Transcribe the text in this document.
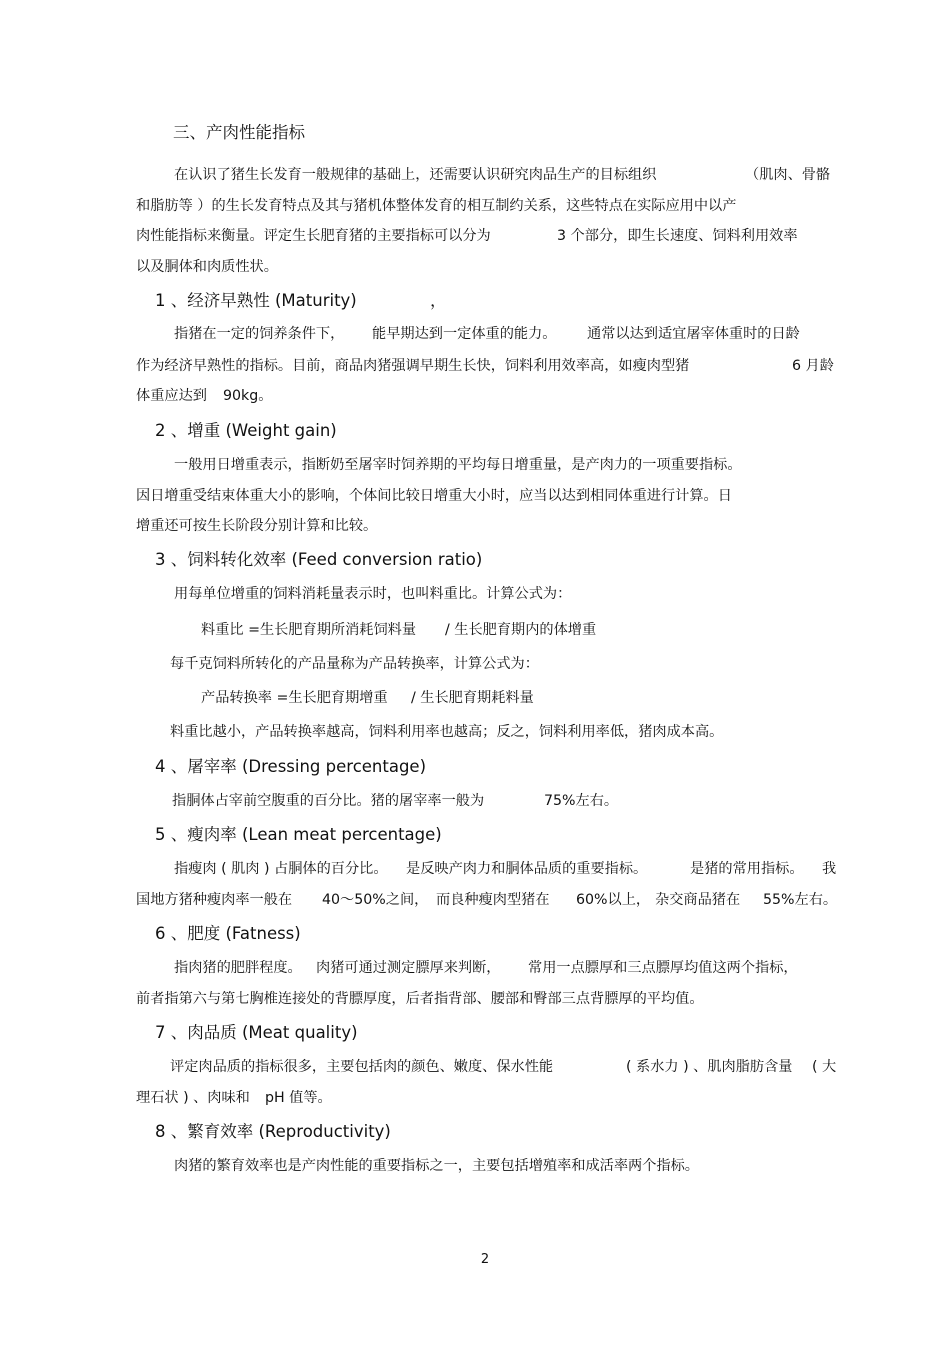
三、产肉性能指标
在认识了猪生长发育一般规律的基础上，还需要认识研究肉品生产的目标组织	（肌肉、骨骼
和脂肪等 ）的生长发育特点及其与猪机体整体发育的相互制约关系，这些特点在实际应用中以产
肉性能指标来衡量。评定生长肥育猪的主要指标可以分为	3 个部分，即生长速度、饲料利用效率
以及胴体和肉质性状。
1 、经济早熟性 (Maturity)	，
指猪在一定的饲养条件下， 能早期达到一定体重的能力。 通常以达到适宜屠宰体重时的日龄
作为经济早熟性的指标。目前，商品肉猪强调早期生长快，饲料利用效率高，如瘦肉型猪	6 月龄
体重应达到 90kg。
2 、增重 (Weight gain)
一般用日增重表示，指断奶至屠宰时饲养期的平均每日增重量，是产肉力的一项重要指标。
因日增重受结束体重大小的影响，个体间比较日增重大小时，应当以达到相同体重进行计算。日
增重还可按生长阶段分别计算和比较。
3 、饲料转化效率 (Feed conversion ratio)
用每单位增重的饲料消耗量表示时，也叫料重比。计算公式为：
料重比 =生长肥育期所消耗饲料量 / 生长肥育期内的体增重
每千克饲料所转化的产品量称为产品转换率，计算公式为：
产品转换率 =生长肥育期增重 / 生长肥育期耗料量
料重比越小，产品转换率越高，饲料利用率也越高；反之，饲料利用率低，猪肉成本高。
4 、屠宰率 (Dressing percentage)
指胴体占宰前空腹重的百分比。猪的屠宰率一般为	75%左右。
5 、瘦肉率 (Lean meat percentage)
指瘦肉 ( 肌肉 ) 占胴体的百分比。 是反映产肉力和胴体品质的重要指标。	是猪的常用指标。 我
国地方猪种瘦肉率一般在 40～50%之间， 而良种瘦肉型猪在 60%以上， 杂交商品猪在 55%左右。
6 、肥度 (Fatness)
指肉猪的肥胖程度。 肉猪可通过测定膘厚来判断， 常用一点膘厚和三点膘厚均值这两个指标，
前者指第六与第七胸椎连接处的背膘厚度，后者指背部、腰部和臀部三点背膘厚的平均值。
7 、肉品质 (Meat quality)
评定肉品质的指标很多，主要包括肉的颜色、嫩度、保水性能	( 系水力 ) 、肌肉脂肪含量 ( 大
理石状 ) 、肉味和 pH 值等。
8 、繁育效率 (Reproductivity)
肉猪的繁育效率也是产肉性能的重要指标之一，主要包括增殖率和成活率两个指标。
2
